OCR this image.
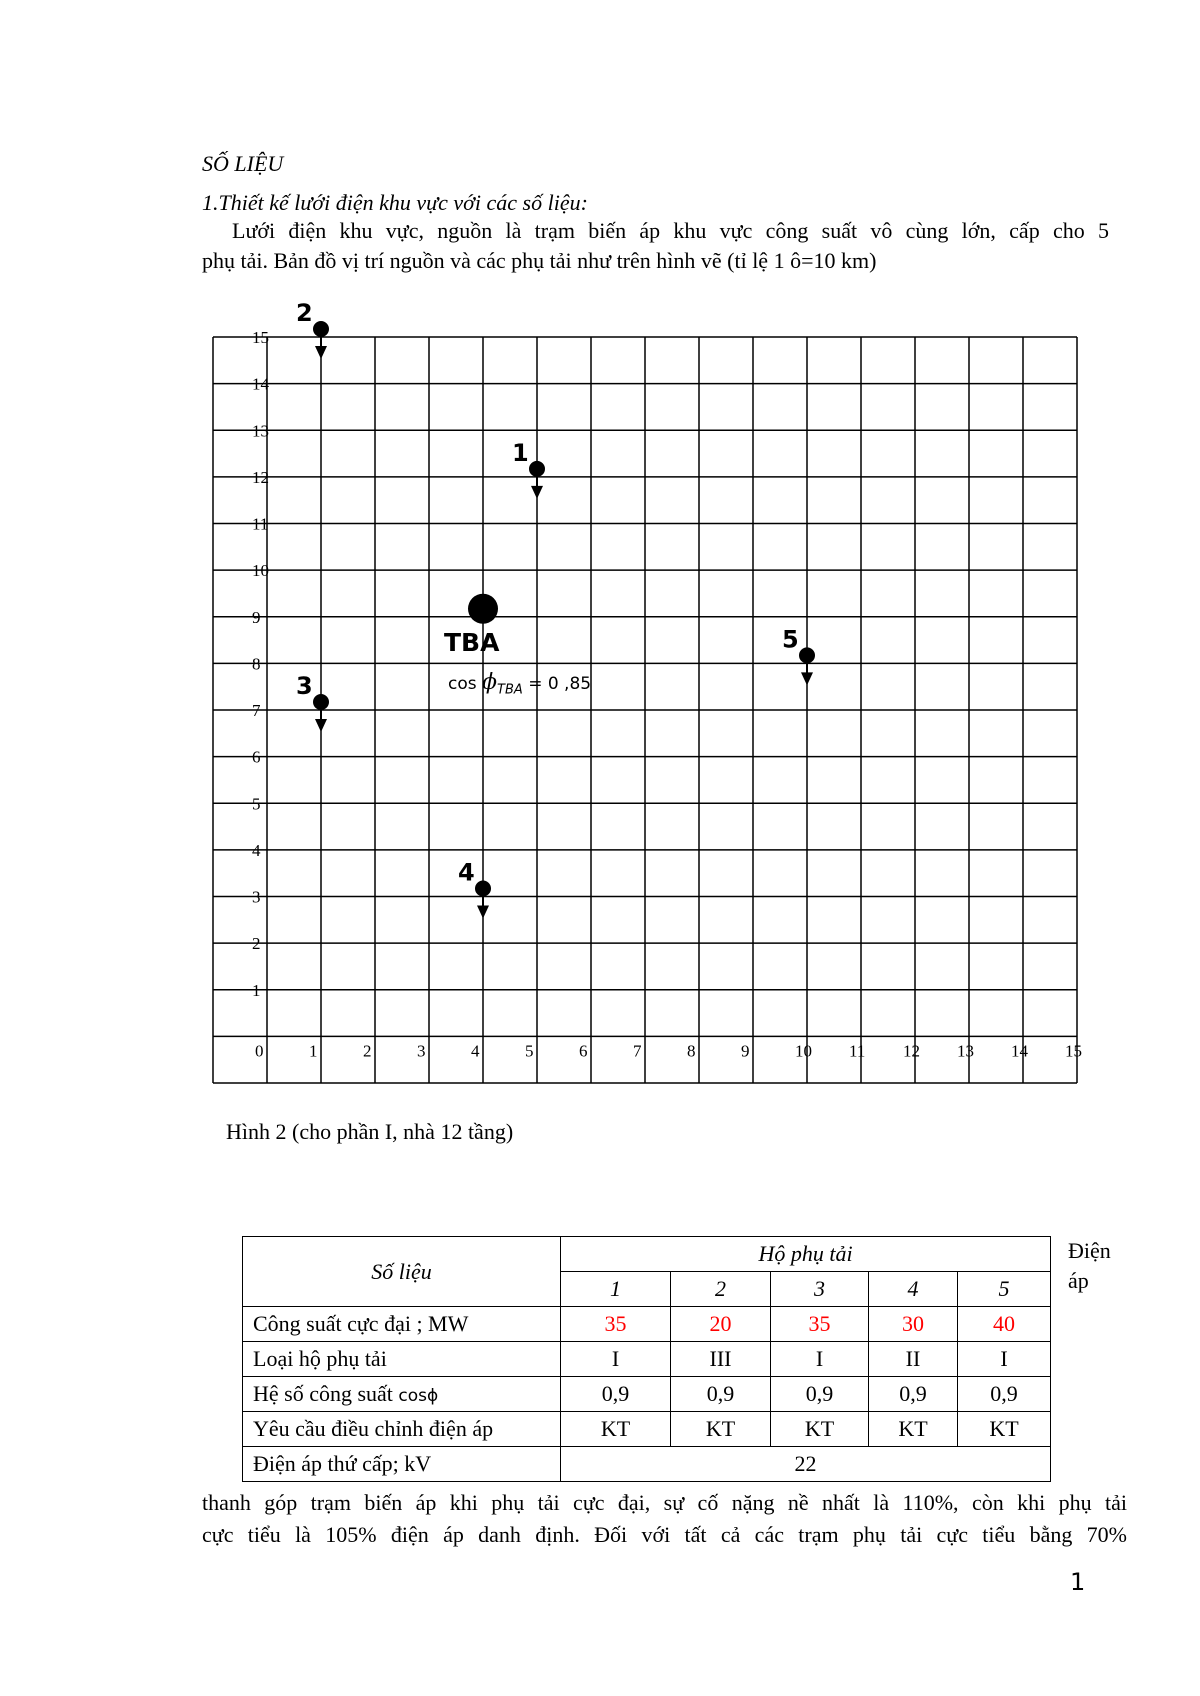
SỐ LIỆU
1.Thiết kế lưới điện khu vực với các số liệu:
Lưới điện khu vực, nguồn là trạm biến áp khu vực công suất vô cùng lớn, cấp cho 5
phụ tải. Bản đồ vị trí nguồn và các phụ tải như trên hình vẽ (tỉ lệ 1 ô=10 km)
0	1	2	3	4	5	6	7	8	9	10 11 12 13 14 15
1
2
3
4
5
6
7
8
9
10
11
12
13
14
15
TBA
1
2
3
4
5
$\cos \phi_{TBA} = 0$ ,85
Hình 2 (cho phần I, nhà 12 tầng)
Số liệu	Hộ phụ tải				
	1	2	3	4	5
Công suất cực đại ; MW	35	20	35	30	40
Loại hộ phụ tải	I	III	I	II	I
Hệ số công suất cosϕ	0,9	0,9	0,9	0,9	0,9
Yêu cầu điều chỉnh điện áp	KT	KT	KT	KT	KT
Điện áp thứ cấp; kV	22				
Điện
áp
thanh góp trạm biến áp khi phụ tải cực đại, sự cố nặng nề nhất là 110%, còn khi phụ tải
cực tiểu là 105% điện áp danh định. Đối với tất cả các trạm phụ tải cực tiểu bằng 70%
1
